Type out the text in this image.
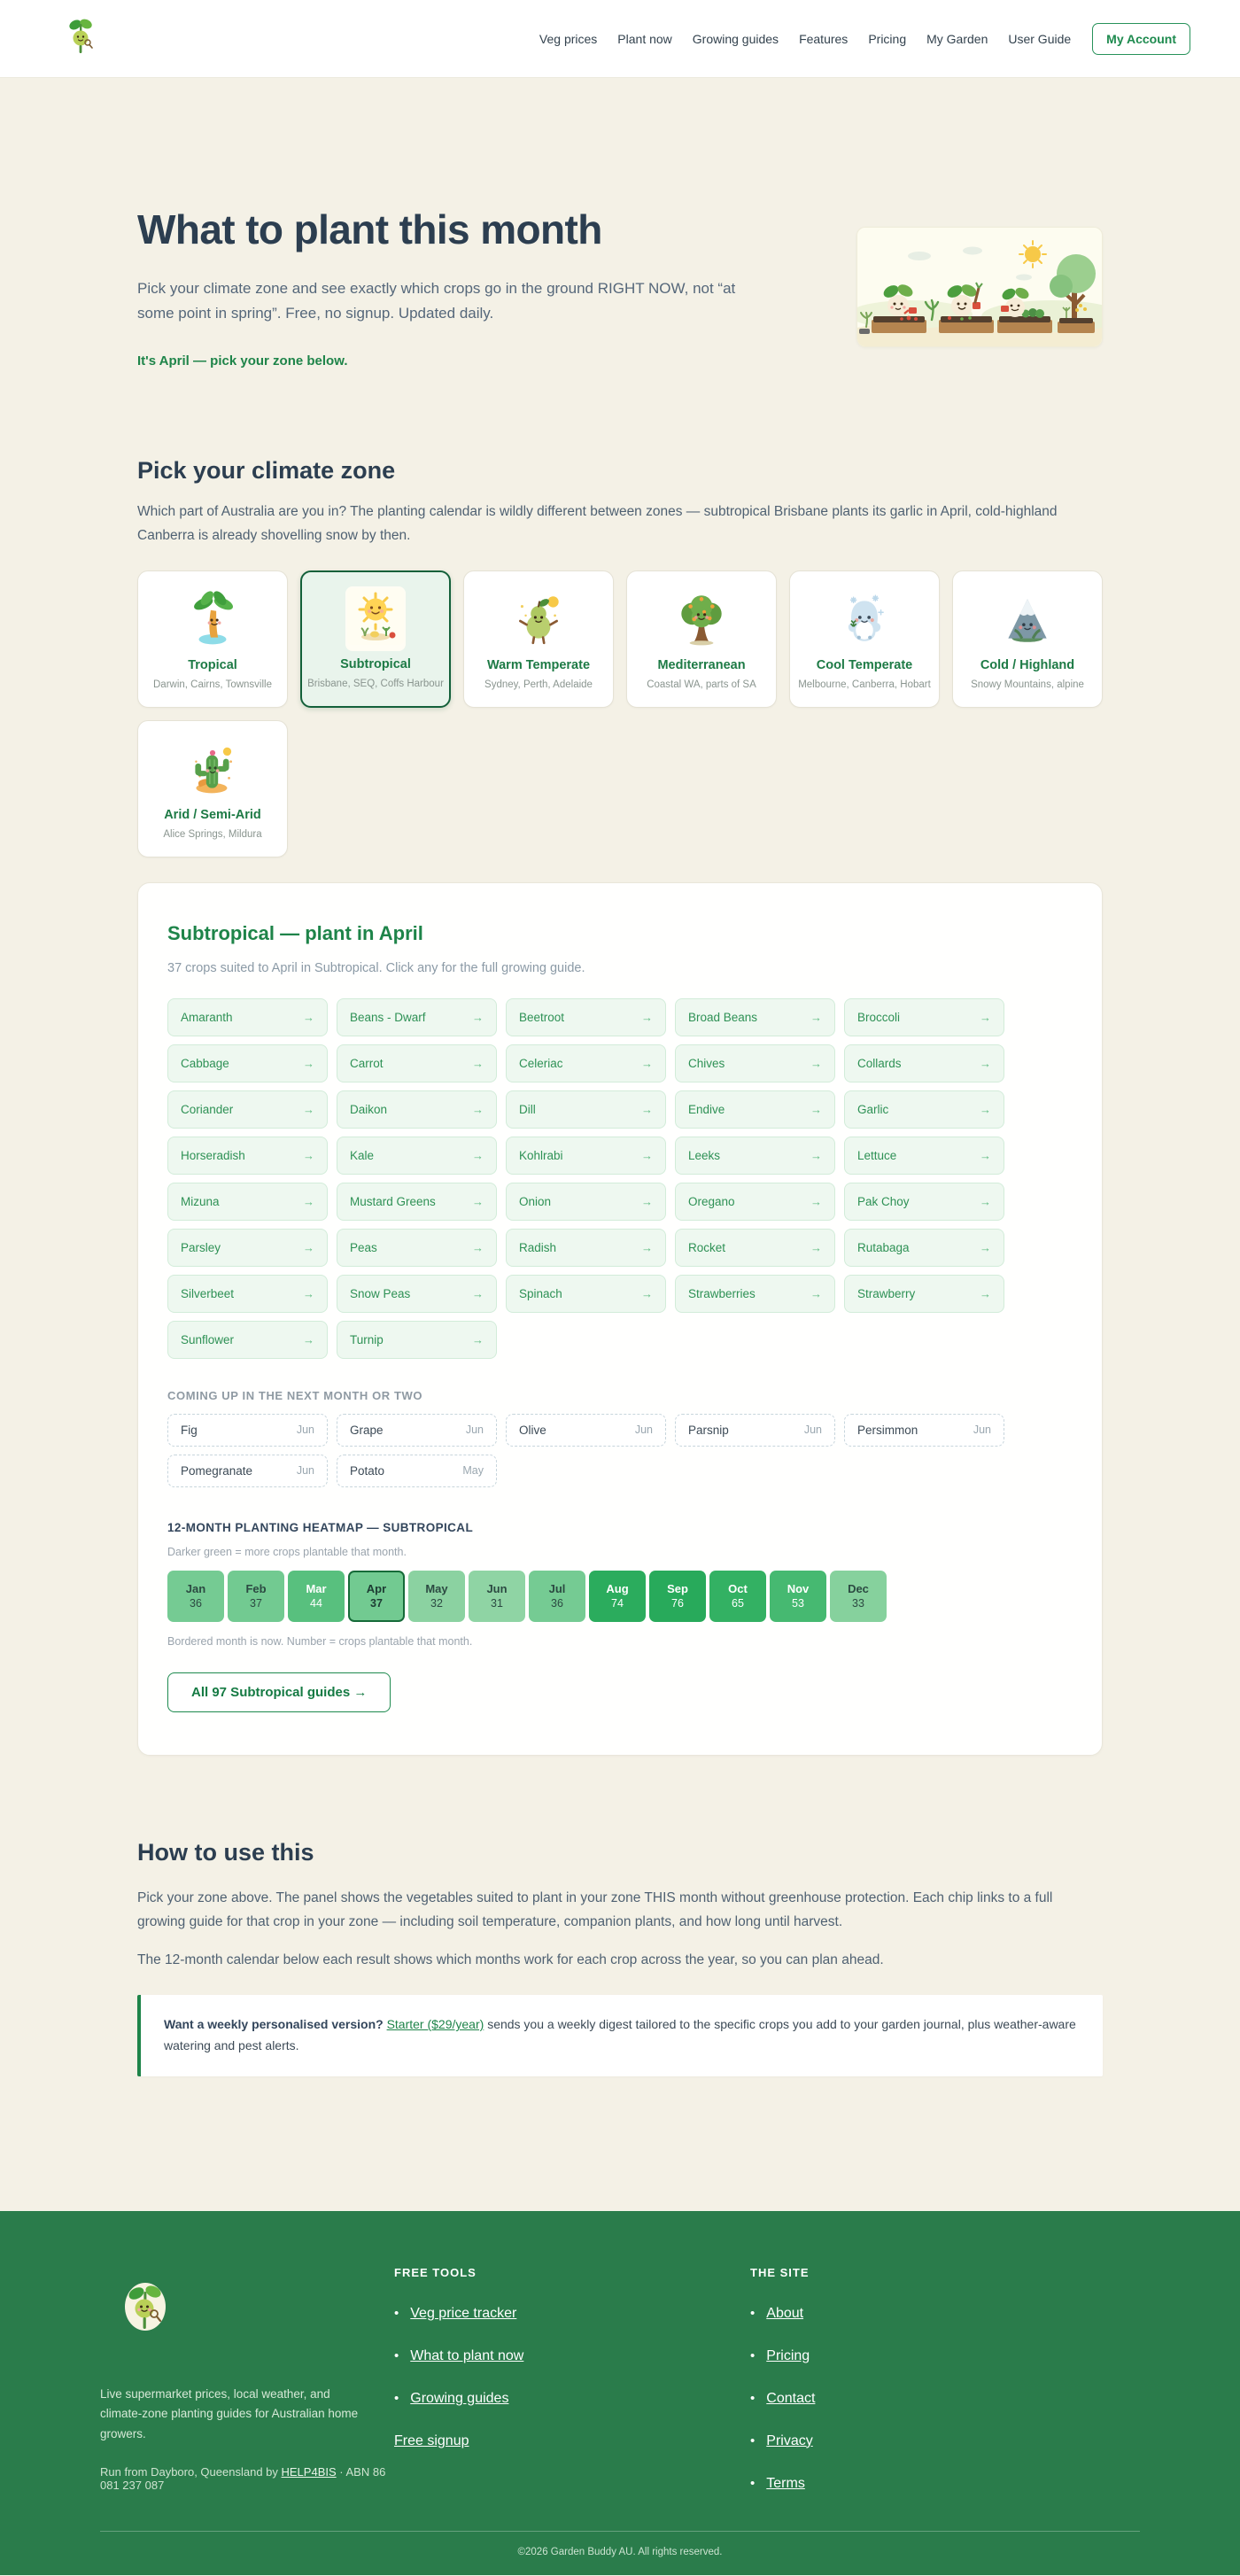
Veg prices Plant now Growing guides Features Pricing My Garden User Guide	My Account
What to plant this month

Pick your climate zone and see exactly which crops go in the ground RIGHT NOW, not “at some point in spring”. Free, no signup. Updated daily.

It's April — pick your zone below.

Pick your climate zone

Which part of Australia are you in? The planting calendar is wildly different between zones — subtropical Brisbane plants its garlic in April, cold-highland Canberra is already shovelling snow by then.

Tropical
Darwin, Cairns, Townsville
Subtropical
Brisbane, SEQ, Coffs Harbour
Warm Temperate
Sydney, Perth, Adelaide
Mediterranean
Coastal WA, parts of SA
Cool Temperate
Melbourne, Canberra, Hobart
Cold / Highland
Snowy Mountains, alpine
Arid / Semi-Arid
Alice Springs, Mildura
Subtropical — plant in April

37 crops suited to April in Subtropical. Click any for the full growing guide.

Amaranth	→	Beans - Dwarf	→	Beetroot	→	Broad Beans	→	Broccoli	→
Cabbage	→	Carrot	→	Celeriac	→	Chives	→	Collards	→
Coriander	→	Daikon	→	Dill	→	Endive	→	Garlic	→
Horseradish	→	Kale	→	Kohlrabi	→	Leeks	→	Lettuce	→
Mizuna	→	Mustard Greens	→	Onion	→	Oregano	→	Pak Choy	→
Parsley	→	Peas	→	Radish	→	Rocket	→	Rutabaga	→
Silverbeet	→	Snow Peas	→	Spinach	→	Strawberries	→	Strawberry	→
Sunflower	→	Turnip	→
COMING UP IN THE NEXT MONTH OR TWO
Fig	Jun	Grape	Jun	Olive	Jun	Parsnip	Jun	Persimmon	Jun
Pomegranate	Jun	Potato	May
12-MONTH PLANTING HEATMAP — SUBTROPICAL
Darker green = more crops plantable that month.
Jan
36
Feb
37
Mar
44
Apr
37
May
32
Jun
31
Jul
36
Aug
74
Sep
76
Oct
65
Nov
53
Dec
33
Bordered month is now. Number = crops plantable that month.
All 97 Subtropical guides →
How to use this

Pick your zone above. The panel shows the vegetables suited to plant in your zone THIS month without greenhouse protection. Each chip links to a full growing guide for that crop in your zone — including soil temperature, companion plants, and how long until harvest.

The 12-month calendar below each result shows which months work for each crop across the year, so you can plan ahead.

Want a weekly personalised version? Starter ($29/year) sends you a weekly digest tailored to the specific crops you add to your garden journal, plus weather-aware watering and pest alerts.

Live supermarket prices, local weather, and climate-zone planting guides for Australian home growers.

Run from Dayboro, Queensland by HELP4BIS · ABN 86 081 237 087

FREE TOOLS

• Veg price tracker
• What to plant now
• Growing guides
Free signup

THE SITE

• About
• Pricing
• Contact
• Privacy
• Terms
©2026 Garden Buddy AU. All rights reserved.
